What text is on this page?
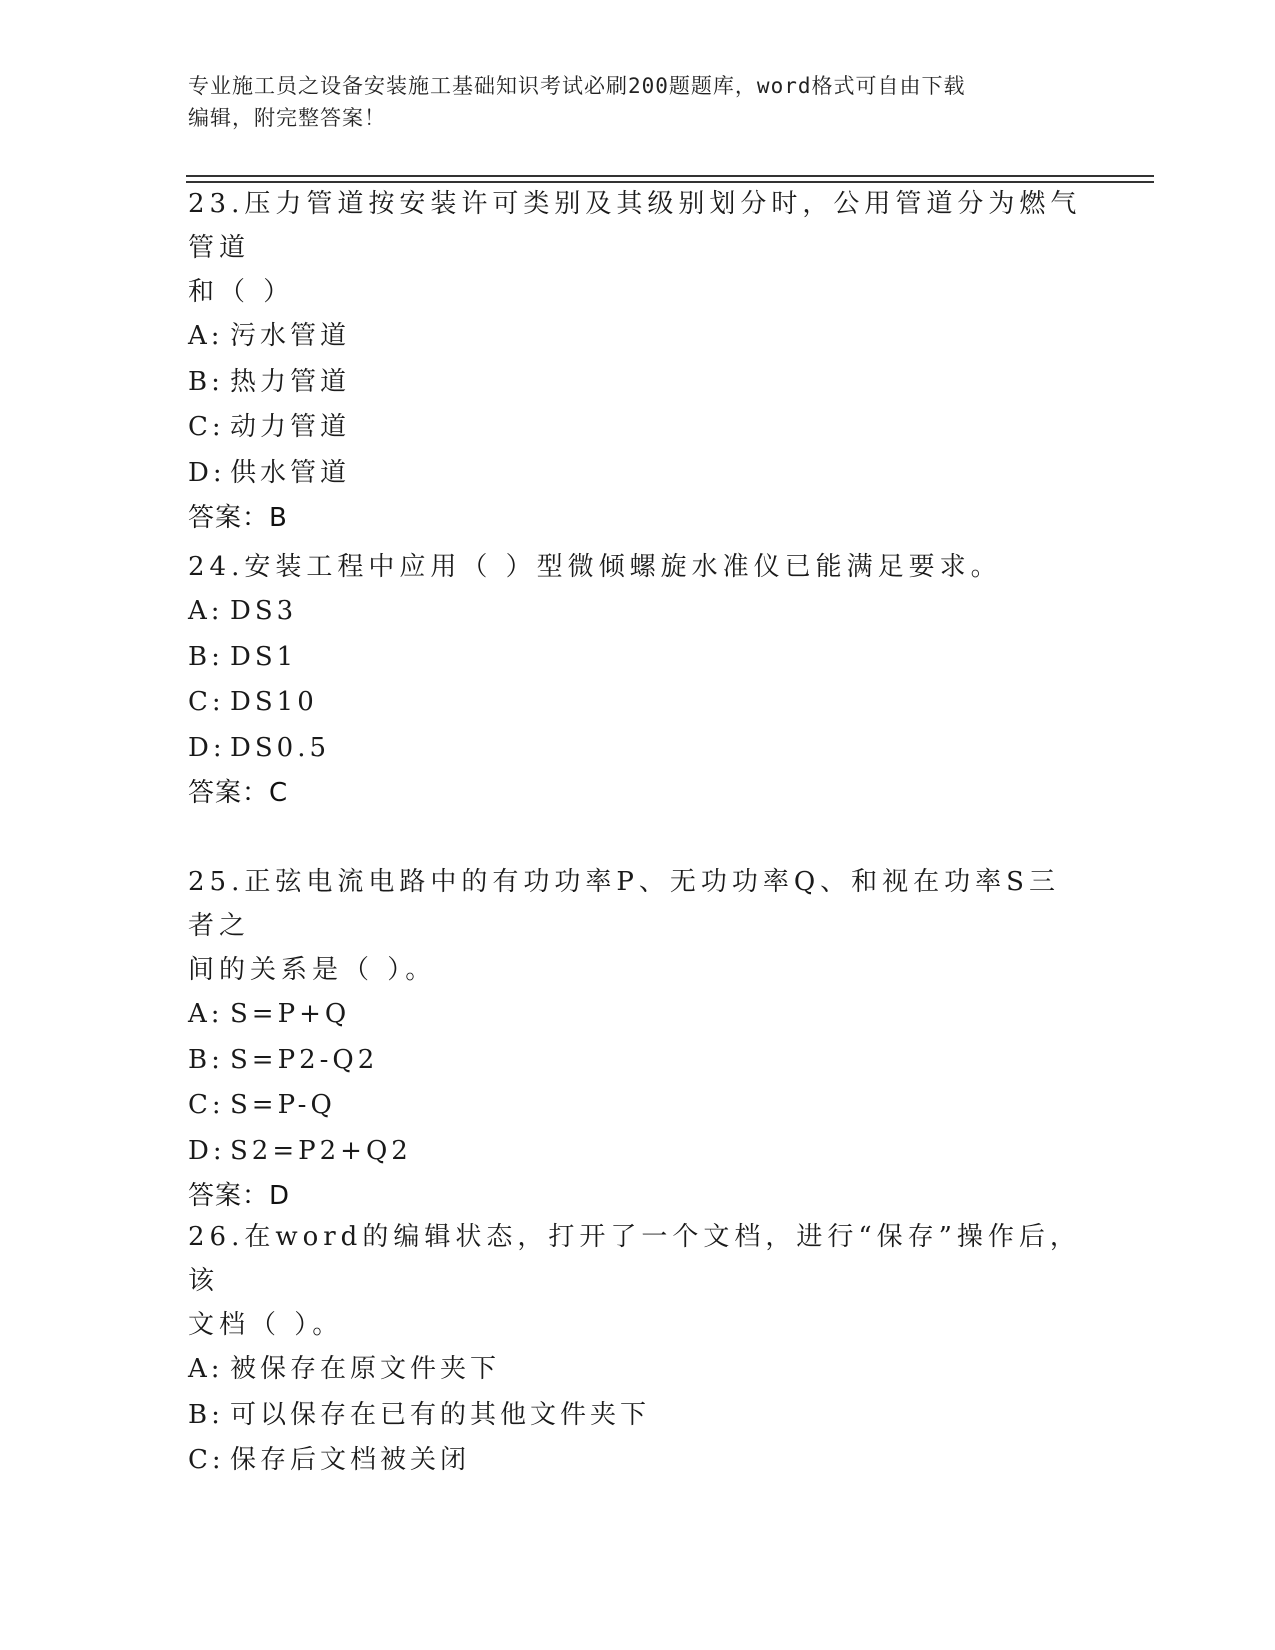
专业施工员之设备安装施工基础知识考试必刷200题题库，word格式可自由下载
编辑，附完整答案！
23.压力管道按安装许可类别及其级别划分时，公用管道分为燃气管道
和（ ）
A: 污水管道
B: 热力管道
C: 动力管道
D: 供水管道
答案：B
24.安装工程中应用（ ）型微倾螺旋水准仪已能满足要求。
A: DS3
B: DS1
C: DS10
D: DS0.5
答案：C
25.正弦电流电路中的有功功率P、无功功率Q、和视在功率S三者之
间的关系是（ ）。
A: S=P+Q
B: S=P2-Q2
C: S=P-Q
D: S2=P2+Q2
答案：D
26.在word的编辑状态，打开了一个文档，进行“保存”操作后，该
文档（ ）。
A: 被保存在原文件夹下
B: 可以保存在已有的其他文件夹下
C: 保存后文档被关闭
